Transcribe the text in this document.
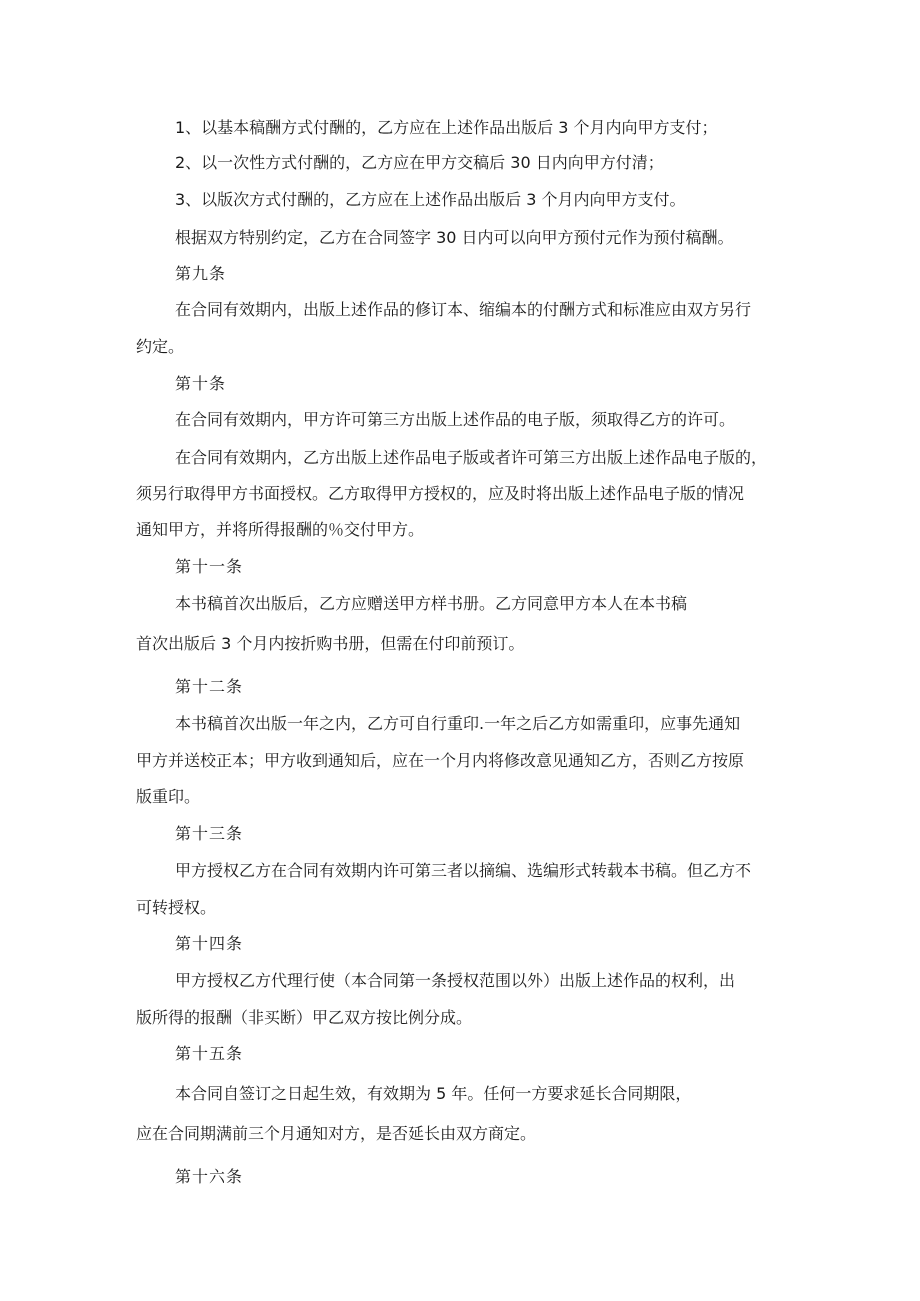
1、以基本稿酬方式付酬的，乙方应在上述作品出版后 3 个月内向甲方支付；

2、以一次性方式付酬的，乙方应在甲方交稿后 30 日内向甲方付清；

3、以版次方式付酬的，乙方应在上述作品出版后 3 个月内向甲方支付。

根据双方特别约定，乙方在合同签字 30 日内可以向甲方预付元作为预付稿酬。

第九条

在合同有效期内，出版上述作品的修订本、缩编本的付酬方式和标准应由双方另行

约定。

第十条

在合同有效期内，甲方许可第三方出版上述作品的电子版，须取得乙方的许可。

在合同有效期内，乙方出版上述作品电子版或者许可第三方出版上述作品电子版的，

须另行取得甲方书面授权。乙方取得甲方授权的，应及时将出版上述作品电子版的情况

通知甲方，并将所得报酬的％交付甲方。

第十一条

本书稿首次出版后，乙方应赠送甲方样书册。乙方同意甲方本人在本书稿

首次出版后 3 个月内按折购书册，但需在付印前预订。

第十二条

本书稿首次出版一年之内，乙方可自行重印.一年之后乙方如需重印，应事先通知

甲方并送校正本；甲方收到通知后，应在一个月内将修改意见通知乙方，否则乙方按原

版重印。

第十三条

甲方授权乙方在合同有效期内许可第三者以摘编、选编形式转载本书稿。但乙方不

可转授权。

第十四条

甲方授权乙方代理行使（本合同第一条授权范围以外）出版上述作品的权利，出

版所得的报酬（非买断）甲乙双方按比例分成。

第十五条

本合同自签订之日起生效，有效期为 5 年。任何一方要求延长合同期限，

应在合同期满前三个月通知对方，是否延长由双方商定。

第十六条
